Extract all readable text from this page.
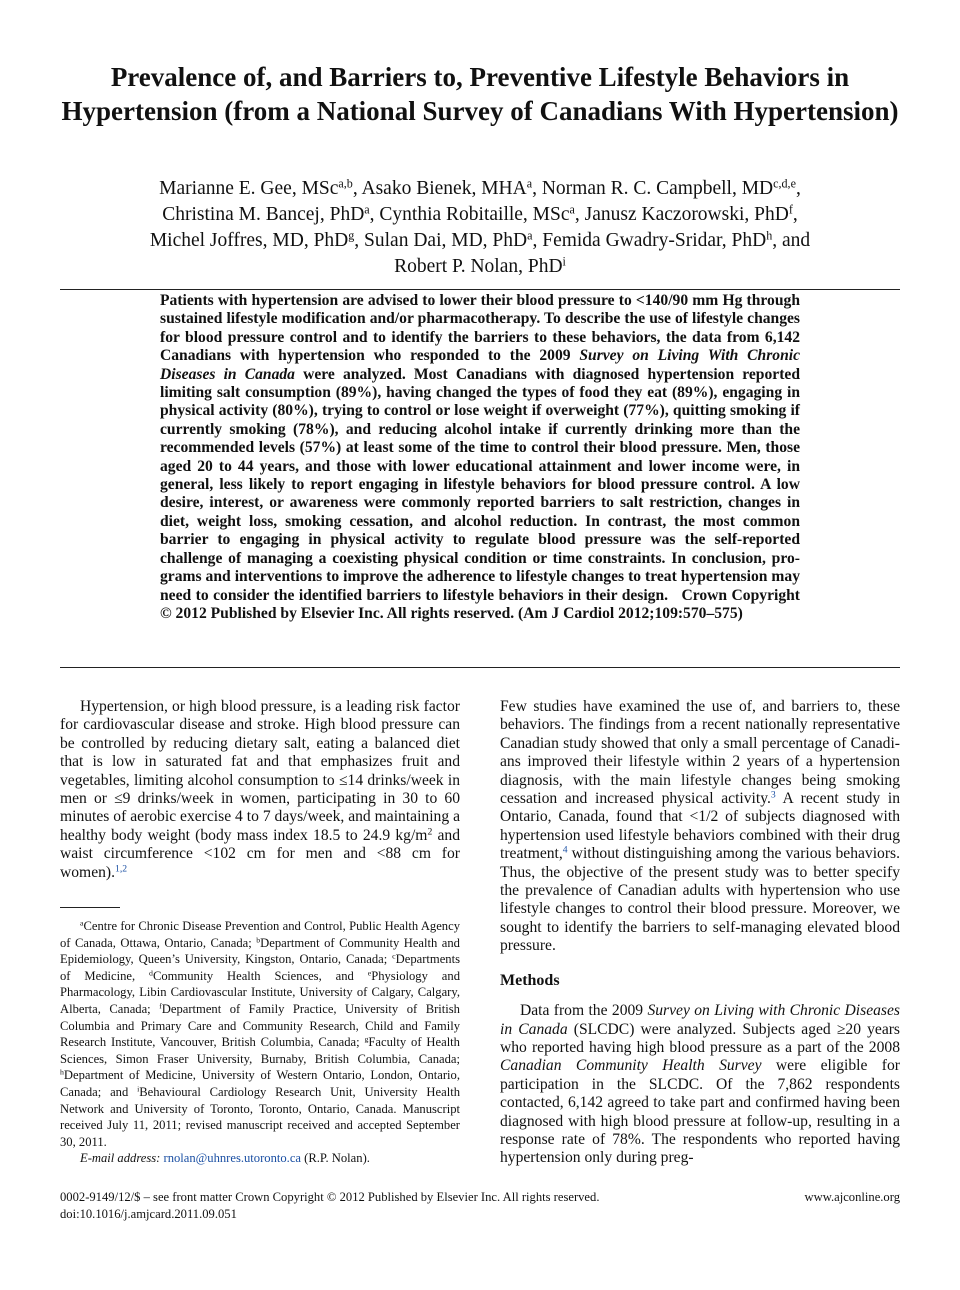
Prevalence of, and Barriers to, Preventive Lifestyle Behaviors in Hypertension (from a National Survey of Canadians With Hypertension)
Marianne E. Gee, MSc$^{a,b}$, Asako Bienek, MHA$^a$, Norman R. C. Campbell, MD$^{c,d,e}$,
Christina M. Bancej, PhD$^a$, Cynthia Robitaille, MSc$^a$, Janusz Kaczorowski, PhD$^f$,
Michel Joffres, MD, PhD$^g$, Sulan Dai, MD, PhD$^a$, Femida Gwadry-Sridar, PhD$^h$, and
Robert P. Nolan, PhD$^i$
Patients with hypertension are advised to lower their blood pressure to <140/90 mm Hg through sustained lifestyle modification and/or pharmacotherapy. To describe the use of lifestyle changes for blood pressure control and to identify the barriers to these behaviors, the data from 6,142 Canadians with hypertension who responded to the 2009 Survey on Living With Chronic Diseases in Canada were analyzed. Most Canadians with diagnosed hypertension reported limiting salt consumption (89%), having changed the types of food they eat (89%), engaging in physical activity (80%), trying to control or lose weight if overweight (77%), quitting smoking if currently smoking (78%), and reducing alcohol intake if currently drinking more than the recommended levels (57%) at least some of the time to control their blood pressure. Men, those aged 20 to 44 years, and those with lower educational attainment and lower income were, in general, less likely to report engaging in lifestyle behaviors for blood pressure control. A low desire, interest, or awareness were commonly reported barriers to salt restriction, changes in diet, weight loss, smoking cessation, and alcohol reduction. In contrast, the most common barrier to engaging in physical activity to regulate blood pressure was the self-reported challenge of managing a coexisting physical condition or time constraints. In conclusion, programs and interventions to improve the adherence to lifestyle changes to treat hypertension may need to consider the identified barriers to lifestyle behaviors in their design. Crown Copyright © 2012 Published by Elsevier Inc. All rights reserved. (Am J Cardiol 2012;109:570–575)

Hypertension, or high blood pressure, is a leading risk factor for cardiovascular disease and stroke. High blood pressure can be controlled by reducing dietary salt, eating a balanced diet that is low in saturated fat and that emphasizes fruit and vegetables, limiting alcohol consumption to ≤14 drinks/week in men or ≤9 drinks/week in women, participating in 30 to 60 minutes of aerobic exercise 4 to 7 days/week, and maintaining a healthy body weight (body mass index 18.5 to 24.9 $kg/m^2$ and waist circumference <102 cm for men and <88 cm for women).$^{1,2}$

$^a$Centre for Chronic Disease Prevention and Control, Public Health Agency of Canada, Ottawa, Ontario, Canada; $^b$Department of Community Health and Epidemiology, Queen’s University, Kingston, Ontario, Canada; $^c$Departments of Medicine, $^d$Community Health Sciences, and $^e$Physiology and Pharmacology, Libin Cardiovascular Institute, University of Calgary, Calgary, Alberta, Canada; $^f$Department of Family Practice, University of British Columbia and Primary Care and Community Research, Child and Family Research Institute, Vancouver, British Columbia, Canada; $^g$Faculty of Health Sciences, Simon Fraser University, Burnaby, British Columbia, Canada; $^h$Department of Medicine, University of Western Ontario, London, Ontario, Canada; and $^i$Behavioural Cardiology Research Unit, University Health Network and University of Toronto, Toronto, Ontario, Canada. Manuscript received July 11, 2011; revised manuscript received and accepted September 30, 2011.

E-mail address: rnolan@uhnres.utoronto.ca (R.P. Nolan).

Few studies have examined the use of, and barriers to, these behaviors. The findings from a recent nationally representative Canadian study showed that only a small percentage of Canadians improved their lifestyle within 2 years of a hypertension diagnosis, with the main lifestyle changes being smoking cessation and increased physical activity.$^3$ A recent study in Ontario, Canada, found that <1/2 of subjects diagnosed with hypertension used lifestyle behaviors combined with their drug treatment,$^4$ without distinguishing among the various behaviors. Thus, the objective of the present study was to better specify the prevalence of Canadian adults with hypertension who use lifestyle changes to control their blood pressure. Moreover, we sought to identify the barriers to self-managing elevated blood pressure.

Methods

Data from the 2009 Survey on Living with Chronic Diseases in Canada (SLCDC) were analyzed. Subjects aged ≥20 years who reported having high blood pressure as a part of the 2008 Canadian Community Health Survey were eligible for participation in the SLCDC. Of the 7,862 respondents contacted, 6,142 agreed to take part and confirmed having been diagnosed with high blood pressure at follow-up, resulting in a response rate of 78%. The respondents who reported having hypertension only during preg-

0002-9149/12/$ – see front matter Crown Copyright © 2012 Published by Elsevier Inc. All rights reserved.
doi:10.1016/j.amjcard.2011.09.051
www.ajconline.org
